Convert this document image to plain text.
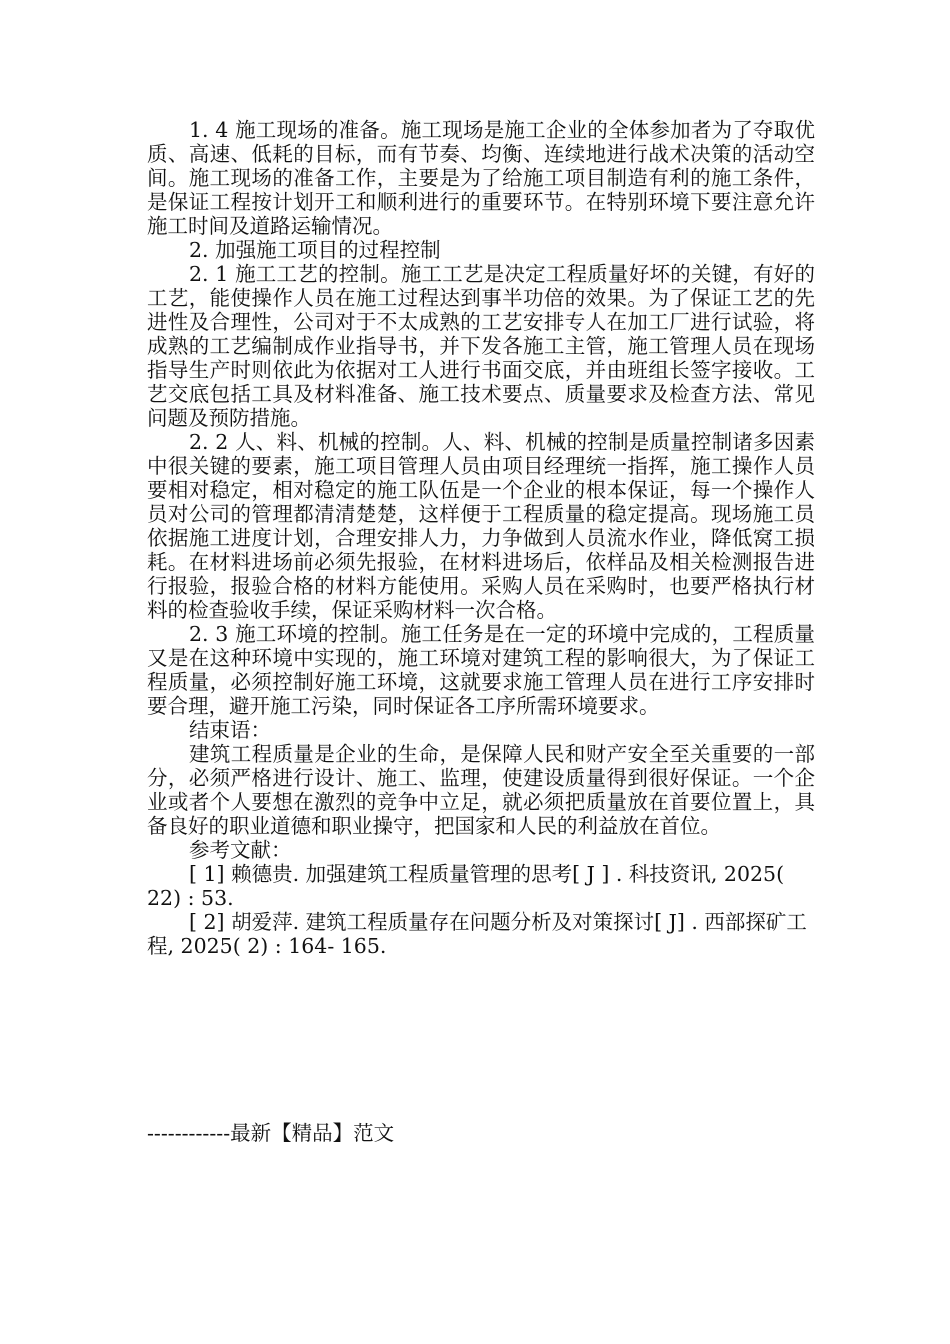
1. 4 施工现场的准备。施工现场是施工企业的全体参加者为了夺取优质、高速、低耗的目标，而有节奏、均衡、连续地进行战术决策的活动空间。施工现场的准备工作，主要是为了给施工项目制造有利的施工条件，是保证工程按计划开工和顺利进行的重要环节。在特别环境下要注意允许施工时间及道路运输情况。

2. 加强施工项目的过程控制

2. 1 施工工艺的控制。施工工艺是决定工程质量好坏的关键，有好的工艺，能使操作人员在施工过程达到事半功倍的效果。为了保证工艺的先进性及合理性，公司对于不太成熟的工艺安排专人在加工厂进行试验，将成熟的工艺编制成作业指导书，并下发各施工主管，施工管理人员在现场指导生产时则依此为依据对工人进行书面交底，并由班组长签字接收。工艺交底包括工具及材料准备、施工技术要点、质量要求及检查方法、常见问题及预防措施。

2. 2 人、料、机械的控制。人、料、机械的控制是质量控制诸多因素中很关键的要素，施工项目管理人员由项目经理统一指挥，施工操作人员要相对稳定，相对稳定的施工队伍是一个企业的根本保证，每一个操作人员对公司的管理都清清楚楚，这样便于工程质量的稳定提高。现场施工员依据施工进度计划，合理安排人力，力争做到人员流水作业，降低窝工损耗。在材料进场前必须先报验，在材料进场后，依样品及相关检测报告进行报验，报验合格的材料方能使用。采购人员在采购时，也要严格执行材料的检查验收手续，保证采购材料一次合格。

2. 3 施工环境的控制。施工任务是在一定的环境中完成的，工程质量又是在这种环境中实现的，施工环境对建筑工程的影响很大，为了保证工程质量，必须控制好施工环境，这就要求施工管理人员在进行工序安排时要合理，避开施工污染，同时保证各工序所需环境要求。

结束语：

建筑工程质量是企业的生命，是保障人民和财产安全至关重要的一部分，必须严格进行设计、施工、监理，使建设质量得到很好保证。一个企业或者个人要想在激烈的竞争中立足，就必须把质量放在首要位置上，具备良好的职业道德和职业操守，把国家和人民的利益放在首位。

参考文献：

[ 1] 赖德贵. 加强建筑工程质量管理的思考[ J ] . 科技资讯, 2025( 22) : 53.

[ 2] 胡爱萍. 建筑工程质量存在问题分析及对策探讨[ J] . 西部探矿工程, 2025( 2) : 164- 165.

------------最新【精品】范文
